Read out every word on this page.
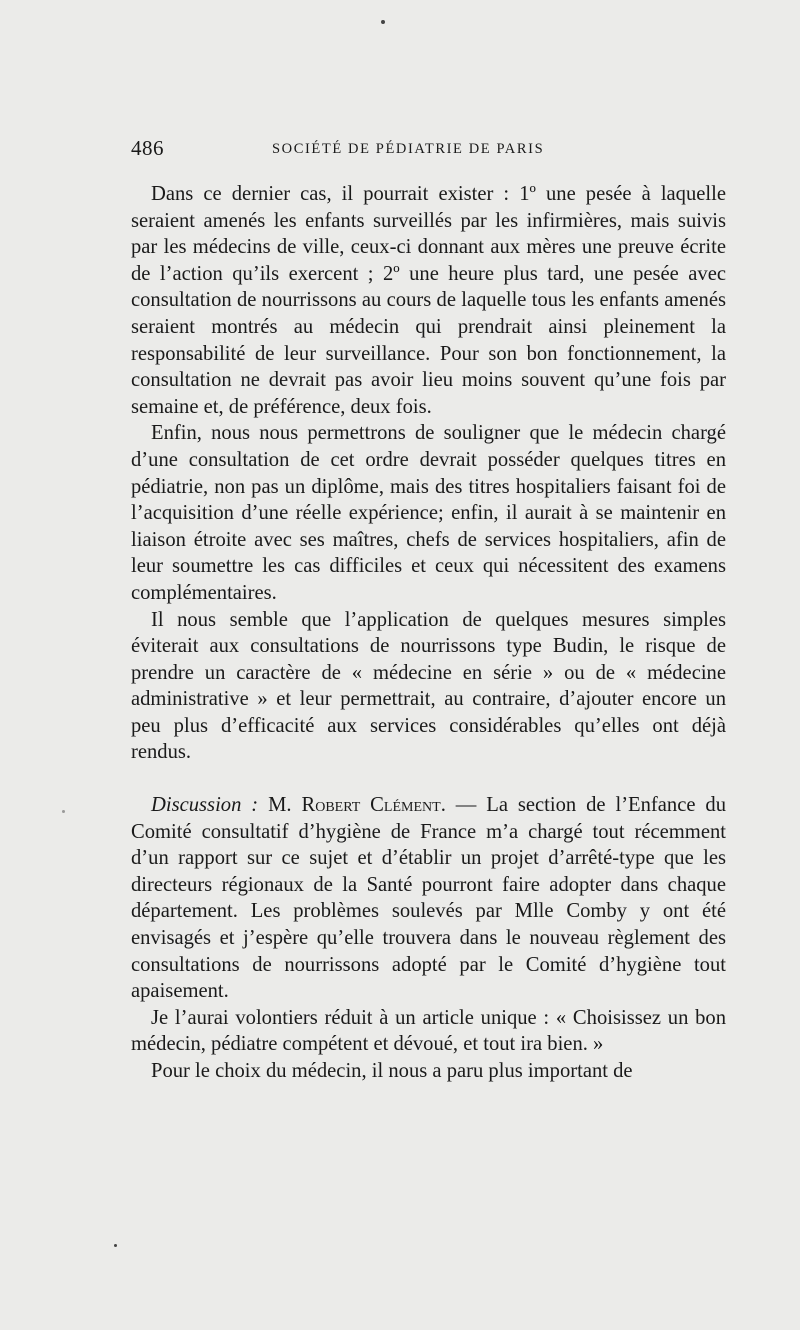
486	SOCIÉTÉ DE PÉDIATRIE DE PARIS

Dans ce dernier cas, il pourrait exister : 1º une pesée à laquelle seraient amenés les enfants surveillés par les infirmières, mais suivis par les médecins de ville, ceux-ci donnant aux mères une preuve écrite de l’action qu’ils exercent ; 2º une heure plus tard, une pesée avec consultation de nourrissons au cours de laquelle tous les enfants amenés seraient montrés au médecin qui prendrait ainsi pleinement la responsabilité de leur surveillance. Pour son bon fonctionnement, la consultation ne devrait pas avoir lieu moins souvent qu’une fois par semaine et, de préférence, deux fois.

Enfin, nous nous permettrons de souligner que le médecin chargé d’une consultation de cet ordre devrait posséder quelques titres en pédiatrie, non pas un diplôme, mais des titres hospitaliers faisant foi de l’acquisition d’une réelle expérience; enfin, il aurait à se maintenir en liaison étroite avec ses maîtres, chefs de services hospitaliers, afin de leur soumettre les cas difficiles et ceux qui nécessitent des examens complémentaires.

Il nous semble que l’application de quelques mesures simples éviterait aux consultations de nourrissons type Budin, le risque de prendre un caractère de « médecine en série » ou de « médecine administrative » et leur permettrait, au contraire, d’ajouter encore un peu plus d’efficacité aux services considérables qu’elles ont déjà rendus.

Discussion : M. Robert Clément. — La section de l’Enfance du Comité consultatif d’hygiène de France m’a chargé tout récemment d’un rapport sur ce sujet et d’établir un projet d’arrêté-type que les directeurs régionaux de la Santé pourront faire adopter dans chaque département. Les problèmes soulevés par Mlle Comby y ont été envisagés et j’espère qu’elle trouvera dans le nouveau règlement des consultations de nourrissons adopté par le Comité d’hygiène tout apaisement.

Je l’aurai volontiers réduit à un article unique : « Choisissez un bon médecin, pédiatre compétent et dévoué, et tout ira bien. »

Pour le choix du médecin, il nous a paru plus important de
